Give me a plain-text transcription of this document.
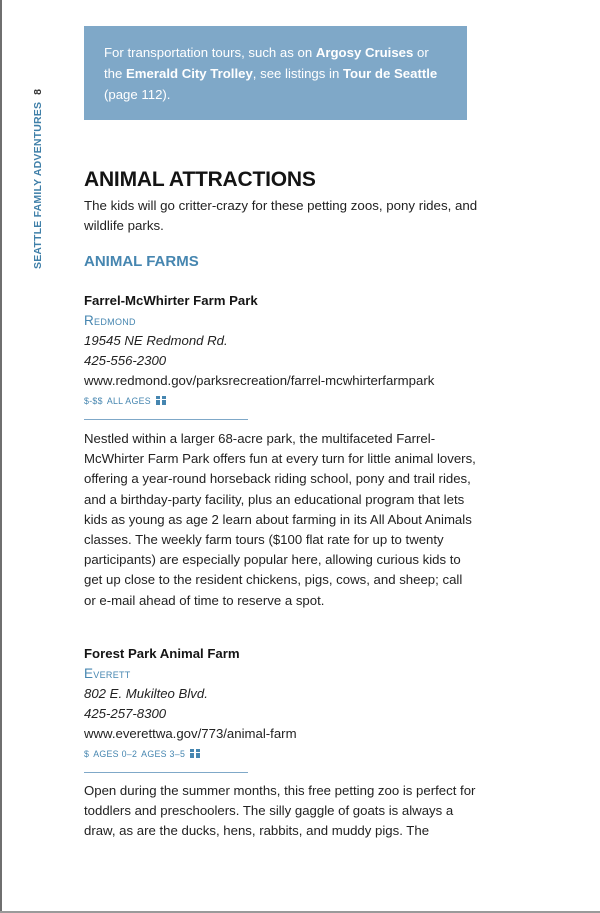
For transportation tours, such as on Argosy Cruises or the Emerald City Trolley, see listings in Tour de Seattle (page 112).
SEATTLE FAMILY ADVENTURES8
ANIMAL ATTRACTIONS
The kids will go critter-crazy for these petting zoos, pony rides, and wildlife parks.
ANIMAL FARMS
Farrel-McWhirter Farm Park
Redmond
19545 NE Redmond Rd.
425-556-2300
www.redmond.gov/parksrecreation/farrel-mcwhirterfarmpark
$-$$ ALL AGES
Nestled within a larger 68-acre park, the multifaceted Farrel-McWhirter Farm Park offers fun at every turn for little animal lovers, offering a year-round horseback riding school, pony and trail rides, and a birthday-party facility, plus an educational program that lets kids as young as age 2 learn about farming in its All About Animals classes. The weekly farm tours ($100 flat rate for up to twenty participants) are especially popular here, allowing curious kids to get up close to the resident chickens, pigs, cows, and sheep; call or e-mail ahead of time to reserve a spot.
Forest Park Animal Farm
Everett
802 E. Mukilteo Blvd.
425-257-8300
www.everettwa.gov/773/animal-farm
$ AGES 0–2 AGES 3–5
Open during the summer months, this free petting zoo is perfect for toddlers and preschoolers. The silly gaggle of goats is always a draw, as are the ducks, hens, rabbits, and muddy pigs. The
